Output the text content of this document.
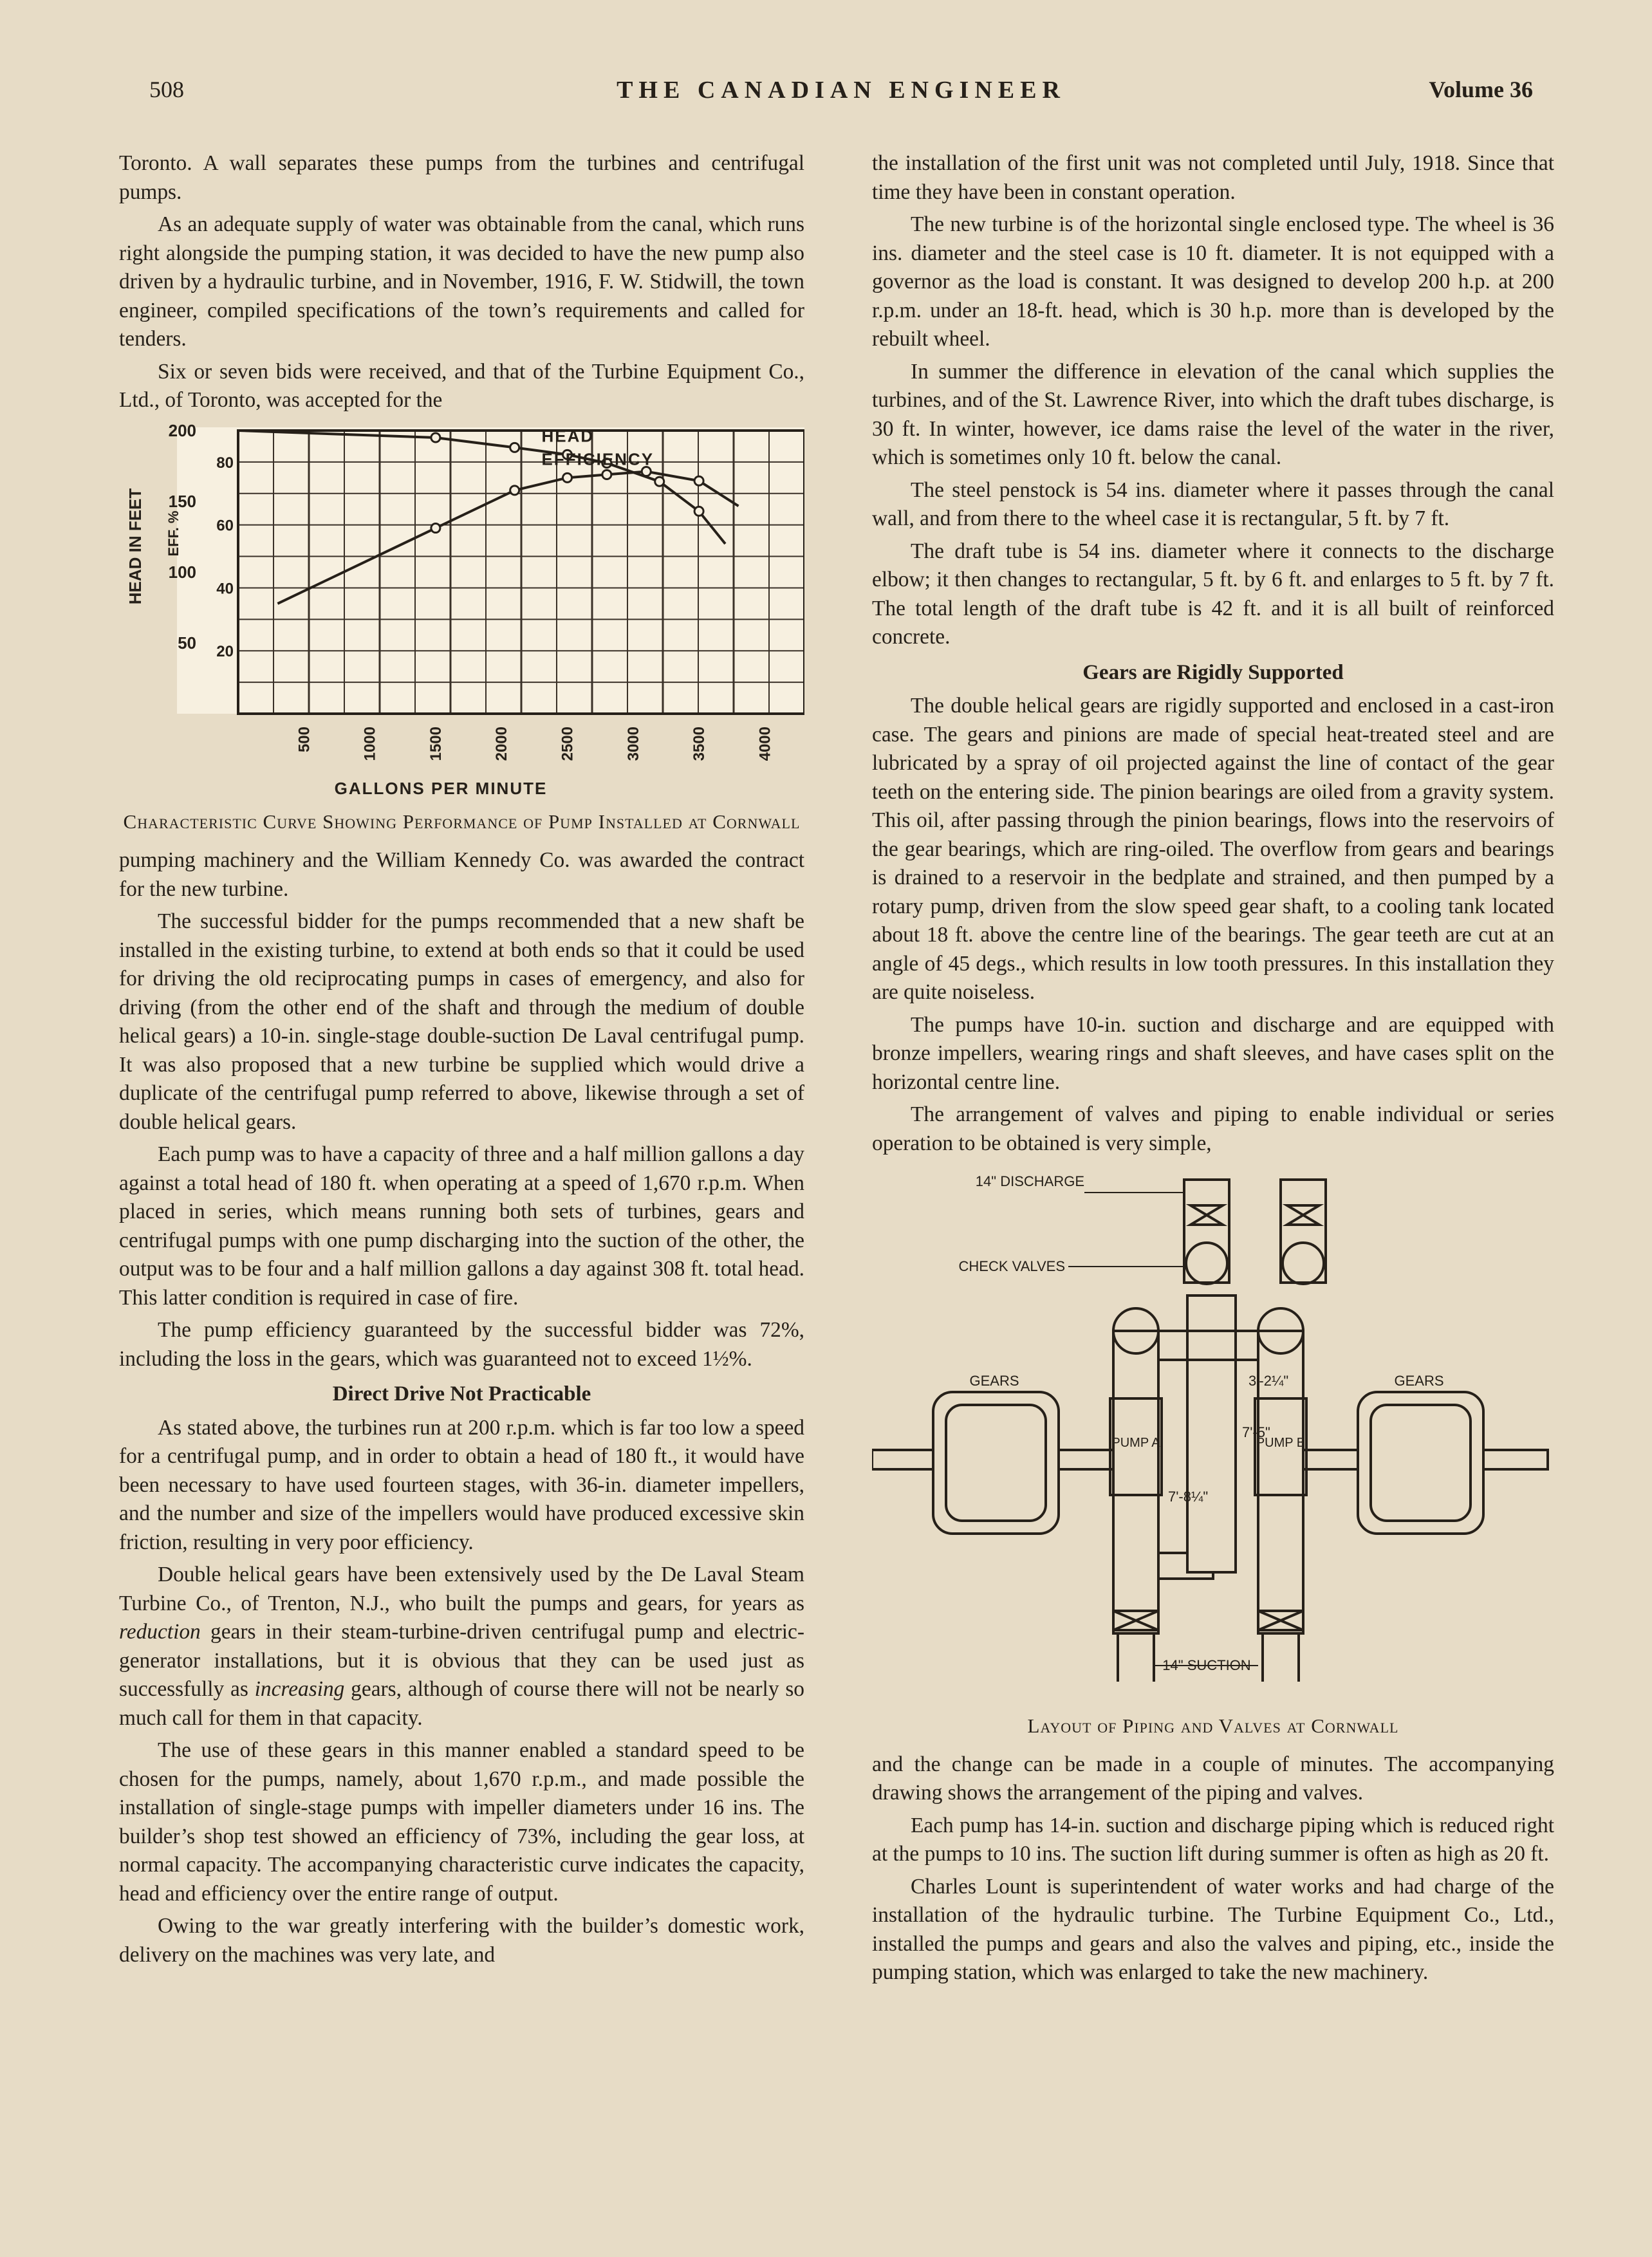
508	THE CANADIAN ENGINEER	Volume 36

Toronto. A wall separates these pumps from the turbines and centrifugal pumps.

As an adequate supply of water was obtainable from the canal, which runs right alongside the pumping station, it was decided to have the new pump also driven by a hydraulic turbine, and in November, 1916, F. W. Stidwill, the town engineer, compiled specifications of the town’s requirements and called for tenders.

Six or seven bids were received, and that of the Turbine Equipment Co., Ltd., of Toronto, was accepted for the

500	1000	1500	2000	2500	3000	3500	4000
200
150
100
50
80
60
40
20
HEAD
EFFICIENCY
HEAD IN FEET EFF. %
GALLONS PER MINUTE
Characteristic Curve Showing Performance of Pump Installed at Cornwall

pumping machinery and the William Kennedy Co. was awarded the contract for the new turbine.

The successful bidder for the pumps recommended that a new shaft be installed in the existing turbine, to extend at both ends so that it could be used for driving the old reciprocating pumps in cases of emergency, and also for driving (from the other end of the shaft and through the medium of double helical gears) a 10-in. single-stage double-suction De Laval centrifugal pump. It was also proposed that a new turbine be supplied which would drive a duplicate of the centrifugal pump referred to above, likewise through a set of double helical gears.

Each pump was to have a capacity of three and a half million gallons a day against a total head of 180 ft. when operating at a speed of 1,670 r.p.m. When placed in series, which means running both sets of turbines, gears and centrifugal pumps with one pump discharging into the suction of the other, the output was to be four and a half million gallons a day against 308 ft. total head. This latter condition is required in case of fire.

The pump efficiency guaranteed by the successful bidder was 72%, including the loss in the gears, which was guaranteed not to exceed 1½%.

Direct Drive Not Practicable

As stated above, the turbines run at 200 r.p.m. which is far too low a speed for a centrifugal pump, and in order to obtain a head of 180 ft., it would have been necessary to have used fourteen stages, with 36-in. diameter impellers, and the number and size of the impellers would have produced excessive skin friction, resulting in very poor efficiency.

Double helical gears have been extensively used by the De Laval Steam Turbine Co., of Trenton, N.J., who built the pumps and gears, for years as reduction gears in their steam-turbine-driven centrifugal pump and electric-generator installations, but it is obvious that they can be used just as successfully as increasing gears, although of course there will not be nearly so much call for them in that capacity.

The use of these gears in this manner enabled a standard speed to be chosen for the pumps, namely, about 1,670 r.p.m., and made possible the installation of single-stage pumps with impeller diameters under 16 ins. The builder’s shop test showed an efficiency of 73%, including the gear loss, at normal capacity. The accompanying characteristic curve indicates the capacity, head and efficiency over the entire range of output.

Owing to the war greatly interfering with the builder’s domestic work, delivery on the machines was very late, and

the installation of the first unit was not completed until July, 1918. Since that time they have been in constant operation.

The new turbine is of the horizontal single enclosed type. The wheel is 36 ins. diameter and the steel case is 10 ft. diameter. It is not equipped with a governor as the load is constant. It was designed to develop 200 h.p. at 200 r.p.m. under an 18-ft. head, which is 30 h.p. more than is developed by the rebuilt wheel.

In summer the difference in elevation of the canal which supplies the turbines, and of the St. Lawrence River, into which the draft tubes discharge, is 30 ft. In winter, however, ice dams raise the level of the water in the river, which is sometimes only 10 ft. below the canal.

The steel penstock is 54 ins. diameter where it passes through the canal wall, and from there to the wheel case it is rectangular, 5 ft. by 7 ft.

The draft tube is 54 ins. diameter where it connects to the discharge elbow; it then changes to rectangular, 5 ft. by 6 ft. and enlarges to 5 ft. by 7 ft. The total length of the draft tube is 42 ft. and it is all built of reinforced concrete.

Gears are Rigidly Supported

The double helical gears are rigidly supported and enclosed in a cast-iron case. The gears and pinions are made of special heat-treated steel and are lubricated by a spray of oil projected against the line of contact of the gear teeth on the entering side. The pinion bearings are oiled from a gravity system. This oil, after passing through the pinion bearings, flows into the reservoirs of the gear bearings, which are ring-oiled. The overflow from gears and bearings is drained to a reservoir in the bedplate and strained, and then pumped by a rotary pump, driven from the slow speed gear shaft, to a cooling tank located about 18 ft. above the centre line of the bearings. The gear teeth are cut at an angle of 45 degs., which results in low tooth pressures. In this installation they are quite noiseless.

The pumps have 10-in. suction and discharge and are equipped with bronze impellers, wearing rings and shaft sleeves, and have cases split on the horizontal centre line.

The arrangement of valves and piping to enable individual or series operation to be obtained is very simple,

14" DISCHARGE
CHECK VALVES
GEARS	GEARS
PUMP A	PUMP B
3'-2¼"
7'-8¼"
7'-5"
14" SUCTION
Layout of Piping and Valves at Cornwall

and the change can be made in a couple of minutes. The accompanying drawing shows the arrangement of the piping and valves.

Each pump has 14-in. suction and discharge piping which is reduced right at the pumps to 10 ins. The suction lift during summer is often as high as 20 ft.

Charles Lount is superintendent of water works and had charge of the installation of the hydraulic turbine. The Turbine Equipment Co., Ltd., installed the pumps and gears and also the valves and piping, etc., inside the pumping station, which was enlarged to take the new machinery.
